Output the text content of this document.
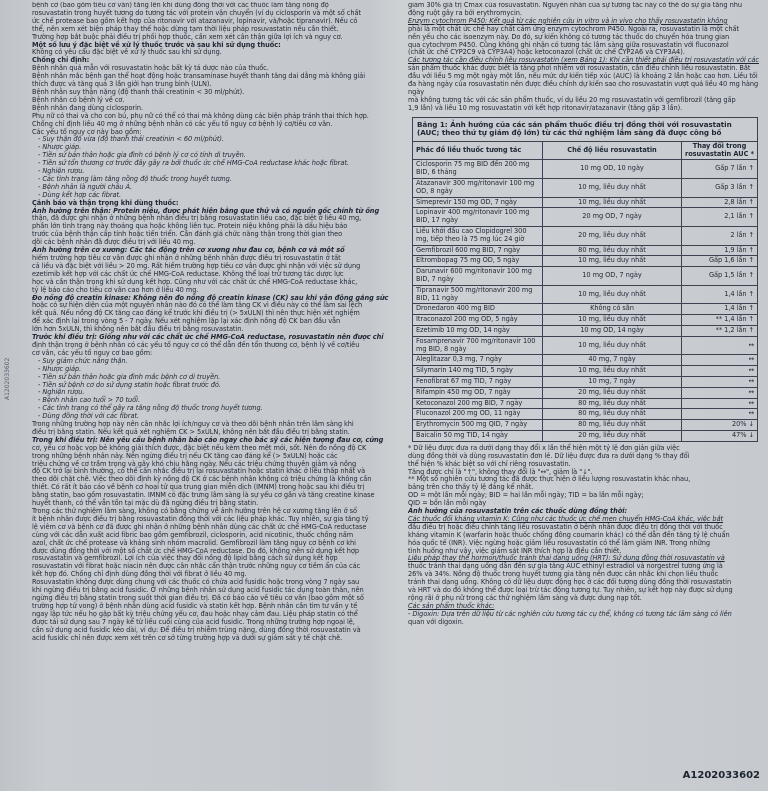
bệnh cơ (bao gồm tiêu cơ vân) tăng lên khi dùng đồng thời với các thuốc làm tăng nồng độ
rosuvastatin trong huyết tương do tương tác với protein vận chuyển (ví dụ ciclosporin và một số chất
ức chế protease bao gồm kết hợp của ritonavir với atazanavir, lopinavir, và/hoặc tipranavir). Nếu có
thể, nên xem xét biện pháp thay thế hoặc dừng tạm thời liệu pháp rosuvastatin nếu cần thiết.
Trường hợp bắt buộc phải điều trị phối hợp thuốc, cần xem xét cân thận giữa lợi ích và nguy cơ.
Một số lưu ý đặc biệt về xử lý thuốc trước và sau khi sử dụng thuốc:
Không có yêu cầu đặc biệt về xử lý thuốc sau khi sử dụng.
Chống chỉ định:
Bệnh nhân quá mẫn với rosuvastatin hoặc bất kỳ tá dược nào của thuốc.
Bệnh nhân mắc bệnh gan thể hoạt động hoặc transaminase huyết thanh tăng dai dẳng mà không giải
thích được và tăng quá 3 lần giới hạn trung bình (ULN).
Bệnh nhân suy thận nặng (độ thanh thải creatinin < 30 ml/phút).
Bệnh nhân có bệnh lý về cơ.
Bệnh nhân đang dùng ciclosporin.
Phụ nữ có thai và cho con bú, phụ nữ có thể có thai mà không dùng các biện pháp tránh thai thích hợp.
Chống chỉ định liều 40 mg ở những bệnh nhân có các yếu tố nguy cơ bệnh lý cơ/tiêu cơ vân.
Các yếu tố nguy cơ này bao gồm:
- Suy thận độ vừa (độ thanh thải creatinin < 60 ml/phút).
- Nhược giáp.
- Tiền sử bản thân hoặc gia đình có bệnh lý cơ có tính di truyền.
- Tiền sử tổn thương cơ trước đây gây ra bởi thuốc ức chế HMG-CoA reductase khác hoặc fibrat.
- Nghiện rượu.
- Các tình trạng làm tăng nồng độ thuốc trong huyết tương.
- Bệnh nhân là người châu Á.
- Dùng kết hợp các fibrat.
Cảnh báo và thận trọng khi dùng thuốc:
Ảnh hưởng trên thận: Protein niệu, được phát hiện bằng que thử và có nguồn gốc chính từ ống
thận, đã được ghi nhận ở những bệnh nhân điều trị bằng rosuvastatin liều cao, đặc biệt ở liều 40 mg,
phần lớn tình trạng này thoáng qua hoặc không liên tục. Protein niệu không phải là dấu hiệu báo
trước của bệnh thận cấp tính hoặc tiến triển. Cần đánh giá chức năng thận trong thời gian theo
dõi các bệnh nhân đã được điều trị với liều 40 mg.
Ảnh hưởng trên cơ xương: Các tác động trên cơ xương như đau cơ, bệnh cơ và một số
hiếm trường hợp tiêu cơ vân được ghi nhận ở những bệnh nhân được điều trị rosuvastatin ở tất
cả liều và đặc biệt với liều > 20 mg. Rất hiếm trường hợp tiêu cơ vân được ghi nhận với việc sử dụng
ezetimib kết hợp với các chất ức chế HMG-CoA reductase. Không thể loại trừ tương tác dược lực
học và cần thận trọng khi sử dụng kết hợp. Cũng như với các chất ức chế HMG-CoA reductase khác,
tỷ lệ báo cáo cho tiêu cơ vân cao hơn ở liều 40 mg.
Đo nồng độ creatin kinase: Không nên đo nồng độ creatin kinase (CK) sau khi vận động gắng sức
hoặc có sự hiện diện của một nguyên nhân nào đó có thể làm tăng CK vì điều này có thể làm sai lệch
kết quả. Nếu nồng độ CK tăng cao đáng kể trước khi điều trị (> 5xULN) thì nên thực hiện xét nghiệm
để xác định lại trong vòng 5 - 7 ngày. Nếu xét nghiệm lặp lại xác định nồng độ CK ban đầu vẫn
lớn hơn 5xULN, thì không nên bắt đầu điều trị bằng rosuvastatin.
Trước khi điều trị: Giống như với các chất ức chế HMG-CoA reductase, rosuvastatin nên được chỉ
định thận trọng ở bệnh nhân có các yếu tố nguy cơ có thể dẫn đến tổn thương cơ, bệnh lý về cơ/tiêu
cơ vân, các yếu tố nguy cơ bao gồm:
- Suy giảm chức năng thận.
- Nhược giáp.
- Tiền sử bản thân hoặc gia đình mắc bệnh cơ di truyền.
- Tiền sử bệnh cơ do sử dụng statin hoặc fibrat trước đó.
- Nghiện rượu.
- Bệnh nhân cao tuổi > 70 tuổi.
- Các tình trạng có thể gây ra tăng nồng độ thuốc trong huyết tương.
- Dùng đồng thời với các fibrat.
Trong những trường hợp này nên cân nhắc lợi ích/nguy cơ và theo dõi bệnh nhân trên lâm sàng khi
điều trị bằng statin. Nếu kết quả xét nghiệm CK > 5xULN, không nên bắt đầu điều trị bằng statin.
Trong khi điều trị: Nên yêu cầu bệnh nhân báo cáo ngay cho bác sỹ các hiện tượng đau cơ, cứng
cơ, yếu cơ hoặc vọp bẻ không giải thích được, đặc biệt nếu kèm theo mệt mỏi, sốt. Nên đo nồng độ CK
trong những bệnh nhân này. Nên ngừng điều trị nếu CK tăng cao đáng kể (> 5xULN) hoặc các
triệu chứng về cơ trầm trọng và gây khó chịu hằng ngày. Nếu các triệu chứng thuyên giảm và nồng
độ CK trở lại bình thường, có thể cân nhắc điều trị lại rosuvastatin hoặc statin khác ở liều thấp nhất và
theo dõi chặt chẽ. Việc theo dõi định kỳ nồng độ CK ở các bệnh nhân không có triệu chứng là không cần
thiết. Có rất ít báo cáo về bệnh cơ hoại tử qua trung gian miễn dịch (IMNM) trong hoặc sau khi điều trị
bằng statin, bao gồm rosuvastatin. IMNM có đặc trưng lâm sàng là sự yếu cơ gần và tăng creatine kinase
huyết thanh, có thể vẫn tồn tại mặc dù đã ngừng điều trị bằng statin.
Trong các thử nghiệm lâm sàng, không có bằng chứng về ảnh hưởng trên hệ cơ xương tăng lên ở số
ít bệnh nhân được điều trị bằng rosuvastatin đồng thời với các liệu pháp khác. Tuy nhiên, sự gia tăng tỷ
lệ viêm cơ và bệnh cơ đã được ghi nhận ở những bệnh nhân dùng các chất ức chế HMG-CoA reductase
cùng với các dẫn xuất acid fibric bao gồm gemfibrozil, ciclosporin, acid nicotinic, thuốc chống nấm
azol, chất ức chế protease và kháng sinh nhóm macrolid. Gemfibrozil làm tăng nguy cơ bệnh cơ khi
được dùng đồng thời với một số chất ức chế HMG-CoA reductase. Do đó, không nên sử dụng kết hợp
rosuvastatin và gemfibrozil. Lợi ích của việc thay đổi nồng độ lipid bằng cách sử dụng kết hợp
rosuvastatin với fibrat hoặc niacin nên được cân nhắc cẩn thận trước những nguy cơ tiềm ẩn của các
kết hợp đó. Chống chỉ định dùng đồng thời với fibrat ở liều 40 mg.
Rosuvastatin không được dùng chung với các thuốc có chứa acid fusidic hoặc trong vòng 7 ngày sau
khi ngừng điều trị bằng acid fusidic. Ở những bệnh nhân sử dụng acid fusidic tác dụng toàn thân, nên
ngừng điều trị bằng statin trong suốt thời gian điều trị. Đã có báo cáo về tiêu cơ vân (bao gồm một số
trường hợp tử vong) ở bệnh nhân dùng acid fusidic và statin kết hợp. Bệnh nhân cần tìm tư vấn y tế
ngay lập tức nếu họ gặp bất kỳ triệu chứng yếu cơ, đau hoặc nhạy cảm đau. Liệu pháp statin có thể
được tái sử dụng sau 7 ngày kể từ liều cuối cùng của acid fusidic. Trong những trường hợp ngoại lệ,
cần sử dụng acid fusidic kéo dài, ví dụ: Để điều trị nhiễm trùng nặng, dùng đồng thời rosuvastatin và
acid fusidic chỉ nên được xem xét trên cơ sở từng trường hợp và dưới sự giám sát y tế chặt chẽ.
giảm 30% giá trị Cmax của rosuvastatin. Nguyên nhân của sự tương tác này có thể do sự gia tăng nhu
động ruột gây ra bởi erythromycin.
Enzym cytochrom P450: Kết quả từ các nghiên cứu in vitro và in vivo cho thấy rosuvastatin không
phải là một chất ức chế hay chất cảm ứng enzym cytochrom P450. Ngoài ra, rosuvastatin là một chất
nền yếu cho các isoenzym này. Do đó, sự kiến không có tương tác thuốc do chuyển hóa trung gian
qua cytochrom P450. Cũng không ghi nhận có tương tác lâm sàng giữa rosuvastatin với fluconazol
(chất ức chế CYP2C9 và CYP3A4) hoặc ketoconazol (chất ức chế CYP2A6 và CYP3A4).
Các tương tác cần điều chỉnh liều rosuvastatin (xem Bảng 1): Khi cần thiết phải điều trị rosuvastatin với các
sản phẩm thuốc khác được biết là tăng phơi nhiễm với rosuvastatin, cần điều chỉnh liều rosuvastatin. Bắt
đầu với liều 5 mg một ngày một lần, nếu mức dự kiến tiếp xúc (AUC) là khoảng 2 lần hoặc cao hơn. Liều tối
đa hàng ngày của rosuvastatin nên được điều chỉnh dự kiến sao cho rosuvastatin vượt quá liều 40 mg hàng ngày
mà không tương tác với các sản phẩm thuốc, ví dụ liều 20 mg rosuvastatin với gemfibrozil (tăng gấp
1,9 lần) và liều 10 mg rosuvastatin với kết hợp ritonavir/atazanavir (tăng gấp 3 lần).
Bảng 1: Ảnh hưởng của các sản phẩm thuốc điều trị đồng thời với rosuvastatin (AUC; theo thứ tự giảm độ lớn) từ các thử nghiệm lâm sàng đã được công bố
Phác đồ liều thuốc tương tác	Chế độ liều rosuvastatin	Thay đổi trong rosuvastatin AUC *
Ciclosporin 75 mg BID đến 200 mg BID, 6 tháng	10 mg OD, 10 ngày	Gấp 7 lần ↑
Atazanavir 300 mg/ritonavir 100 mg OD, 8 ngày	10 mg, liều duy nhất	Gấp 3 lần ↑
Simeprevir 150 mg OD, 7 ngày	10 mg, liều duy nhất	2,8 lần ↑
Lopinavir 400 mg/ritonavir 100 mg BID, 17 ngày	20 mg OD, 7 ngày	2,1 lần ↑
Liều khởi đầu cao Clopidogrel 300 mg, tiếp theo là 75 mg lúc 24 giờ	20 mg, liều duy nhất	2 lần ↑
Gemfibrozil 600 mg BID, 7 ngày	80 mg, liều duy nhất	1,9 lần ↑
Eltrombopag 75 mg OD, 5 ngày	10 mg, liều duy nhất	Gấp 1,6 lần ↑
Darunavir 600 mg/ritonavir 100 mg BID, 7 ngày	10 mg OD, 7 ngày	Gấp 1,5 lần ↑
Tipranavir 500 mg/ritonavir 200 mg BID, 11 ngày	10 mg, liều duy nhất	1,4 lần ↑
Dronedaron 400 mg BID	Không có sẵn	1,4 lần ↑
Itraconazol 200 mg OD, 5 ngày	10 mg, liều duy nhất	** 1,4 lần ↑
Ezetimib 10 mg OD, 14 ngày	10 mg OD, 14 ngày	** 1,2 lần ↑
Fosamprenavir 700 mg/ritonavir 100 mg BID, 8 ngày	10 mg, liều duy nhất	↔
Aleglitazar 0,3 mg, 7 ngày	40 mg, 7 ngày	↔
Silymarin 140 mg TID, 5 ngày	10 mg, liều duy nhất	↔
Fenofibrat 67 mg TID, 7 ngày	10 mg, 7 ngày	↔
Rifampin 450 mg OD, 7 ngày	20 mg, liều duy nhất	↔
Ketoconazol 200 mg BID, 7 ngày	80 mg, liều duy nhất	↔
Fluconazol 200 mg OD, 11 ngày	80 mg, liều duy nhất	↔
Erythromycin 500 mg QID, 7 ngày	80 mg, liều duy nhất	20% ↓
Baicalin 50 mg TID, 14 ngày	20 mg, liều duy nhất	47% ↓
* Dữ liệu được đưa ra dưới dạng thay đổi x lần thể hiện một tỷ lệ đơn giản giữa việc
dùng đồng thời và dùng rosuvastatin đơn lẻ. Dữ liệu được đưa ra dưới dạng % thay đổi
thể hiện % khác biệt so với chỉ riêng rosuvastatin.
Tăng được chỉ là "↑", không thay đổi là "↔", giảm là "↓".
** Một số nghiên cứu tương tác đã được thực hiện ở liều lượng rosuvastatin khác nhau,
bảng trên cho thấy tỷ lệ đáng kể nhất.
OD = một lần mỗi ngày; BID = hai lần mỗi ngày; TID = ba lần mỗi ngày;
QID = bốn lần mỗi ngày
Ảnh hưởng của rosuvastatin trên các thuốc dùng đồng thời:
Các thuốc đối kháng vitamin K: Cũng như các thuốc ức chế men chuyển HMG-CoA khác, việc bắt
đầu điều trị hoặc điều chỉnh tăng liều rosuvastatin ở bệnh nhân được điều trị đồng thời với thuốc
kháng vitamin K (warfarin hoặc thuốc chống đông coumarin khác) có thể dẫn đến tăng tỷ lệ chuẩn
hóa quốc tế (INR). Việc ngừng hoặc giảm liều rosuvastatin có thể làm giảm INR. Trong những
tình huống như vậy, việc giám sát INR thích hợp là điều cần thiết.
Liệu pháp thay thế hormon/thuốc tránh thai dạng uống (HRT): Sử dụng đồng thời rosuvastatin và
thuốc tránh thai dạng uống dẫn đến sự gia tăng AUC ethinyl estradiol và norgestrel tương ứng là
26% và 34%. Nồng độ thuốc trong huyết tương gia tăng nên được cân nhắc khi chọn liều thuốc
tránh thai dạng uống. Không có dữ liệu dược động học ở các đối tượng dùng đồng thời rosuvastatin
và HRT và do đó không thể được loại trừ tác động tương tự. Tuy nhiên, sự kết hợp này được sử dụng
rộng rãi ở phụ nữ trong các thử nghiệm lâm sàng và được dung nạp tốt.
Các sản phẩm thuốc khác:
- Digoxin: Dựa trên dữ liệu từ các nghiên cứu tương tác cụ thể, không có tương tác lâm sàng có liên
quan với digoxin.
A1202033602
A1202033602
